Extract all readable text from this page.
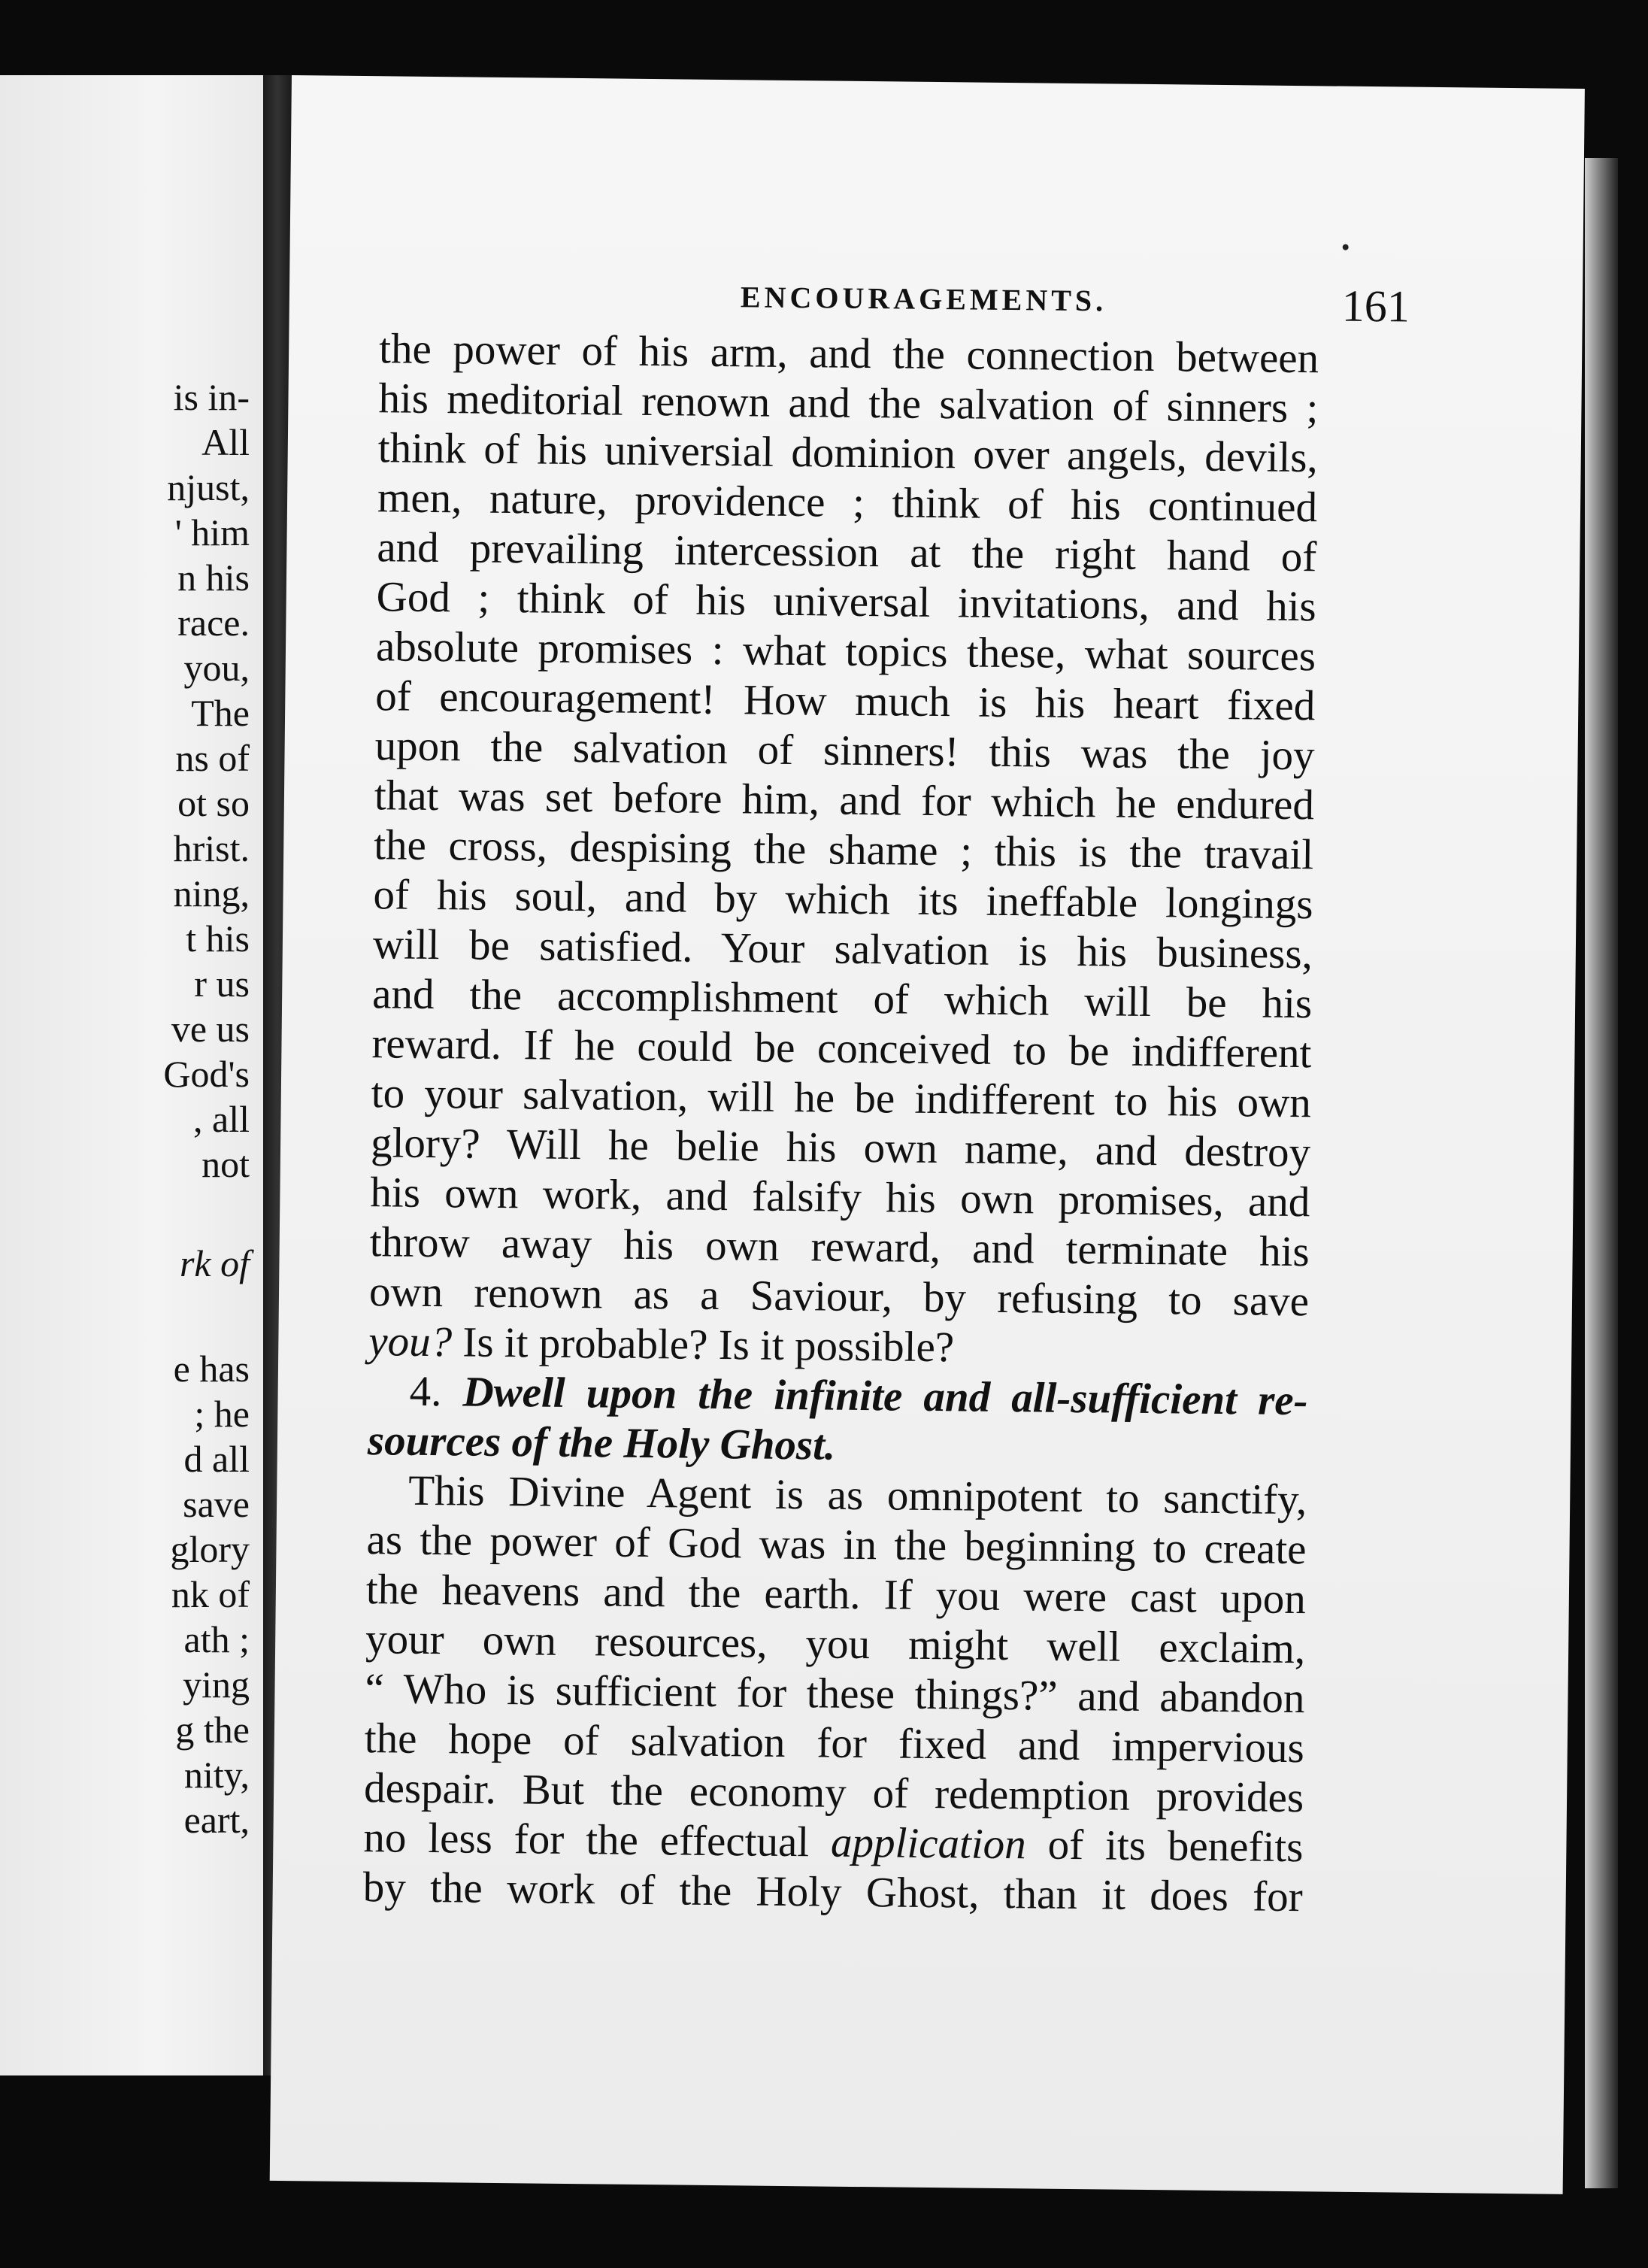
is in-
All
njust,
' him
n his
race.
you,
The
ns of
ot so
hrist.
ning,
t his
r us
ve us
God's
, all
not
rk of
e has
; he
d all
save
glory
nk of
ath ;
ying
g the
nity,
eart,
ENCOURAGEMENTS.	161
the power of his arm, and the connection between
his meditorial renown and the salvation of sinners ;
think of his universial dominion over angels, devils,
men, nature, providence ; think of his continued
and prevailing intercession at the right hand of
God ; think of his universal invitations, and his
absolute promises : what topics these, what sources
of encouragement! How much is his heart fixed
upon the salvation of sinners! this was the joy
that was set before him, and for which he endured
the cross, despising the shame ; this is the travail
of his soul, and by which its ineffable longings
will be satisfied. Your salvation is his business,
and the accomplishment of which will be his
reward. If he could be conceived to be indifferent
to your salvation, will he be indifferent to his own
glory? Will he belie his own name, and destroy
his own work, and falsify his own promises, and
throw away his own reward, and terminate his
own renown as a Saviour, by refusing to save
you? Is it probable? Is it possible?
4. Dwell upon the infinite and all-sufficient re-
sources of the Holy Ghost.
This Divine Agent is as omnipotent to sanctify,
as the power of God was in the beginning to create
the heavens and the earth. If you were cast upon
your own resources, you might well exclaim,
“ Who is sufficient for these things?” and abandon
the hope of salvation for fixed and impervious
despair. But the economy of redemption provides
no less for the effectual application of its benefits
by the work of the Holy Ghost, than it does for
